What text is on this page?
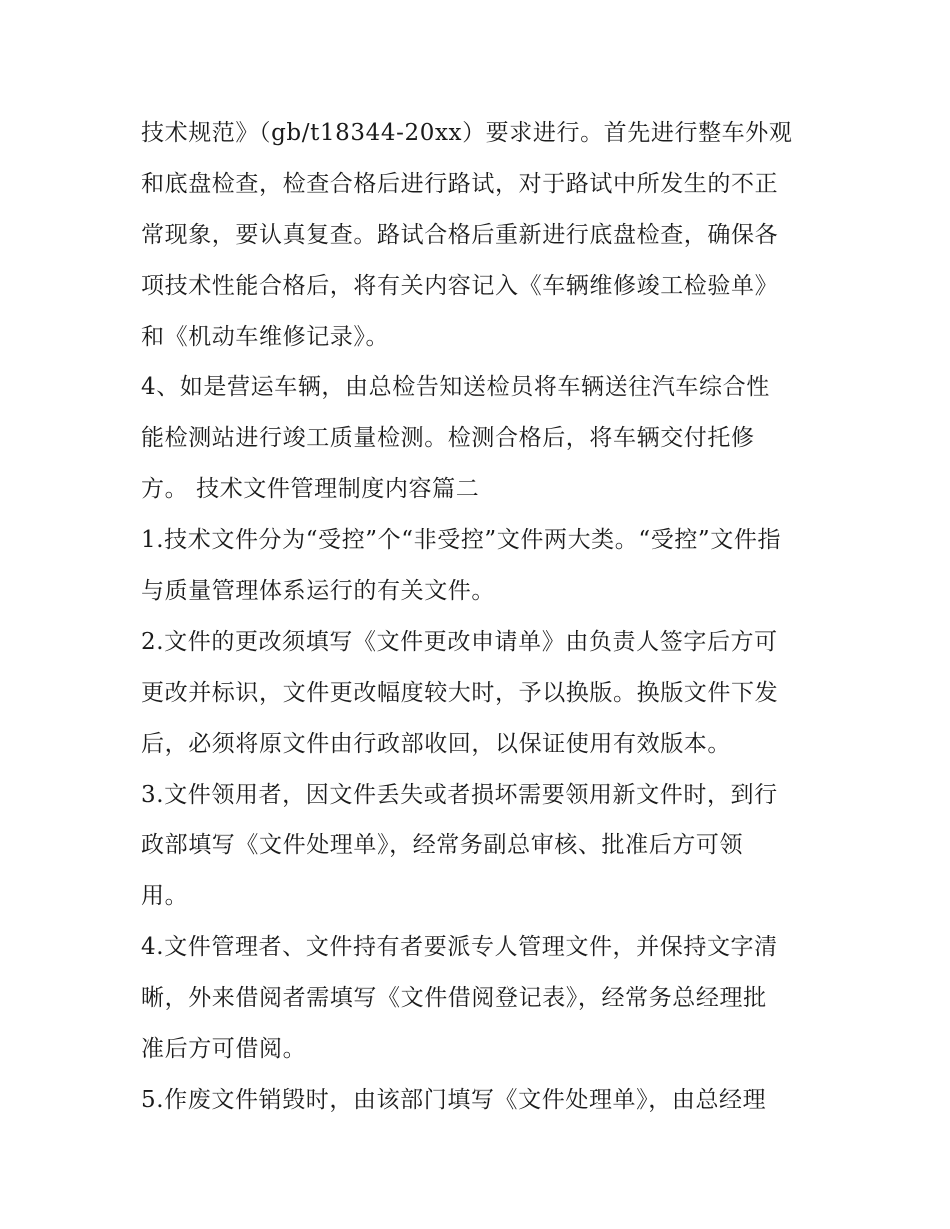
技术规范》（gb/t18344-20xx）要求进行。首先进行整车外观
和底盘检查，检查合格后进行路试，对于路试中所发生的不正
常现象，要认真复查。路试合格后重新进行底盘检查，确保各
项技术性能合格后，将有关内容记入《车辆维修竣工检验单》
和《机动车维修记录》。
4、如是营运车辆，由总检告知送检员将车辆送往汽车综合性
能检测站进行竣工质量检测。检测合格后，将车辆交付托修
方。 技术文件管理制度内容篇二
1.技术文件分为“受控”个“非受控”文件两大类。“受控”文件指
与质量管理体系运行的有关文件。
2.文件的更改须填写《文件更改申请单》由负责人签字后方可
更改并标识，文件更改幅度较大时，予以换版。换版文件下发
后，必须将原文件由行政部收回，以保证使用有效版本。
3.文件领用者，因文件丢失或者损坏需要领用新文件时，到行
政部填写《文件处理单》，经常务副总审核、批准后方可领
用。
4.文件管理者、文件持有者要派专人管理文件，并保持文字清
晰，外来借阅者需填写《文件借阅登记表》，经常务总经理批
准后方可借阅。
5.作废文件销毁时，由该部门填写《文件处理单》，由总经理
